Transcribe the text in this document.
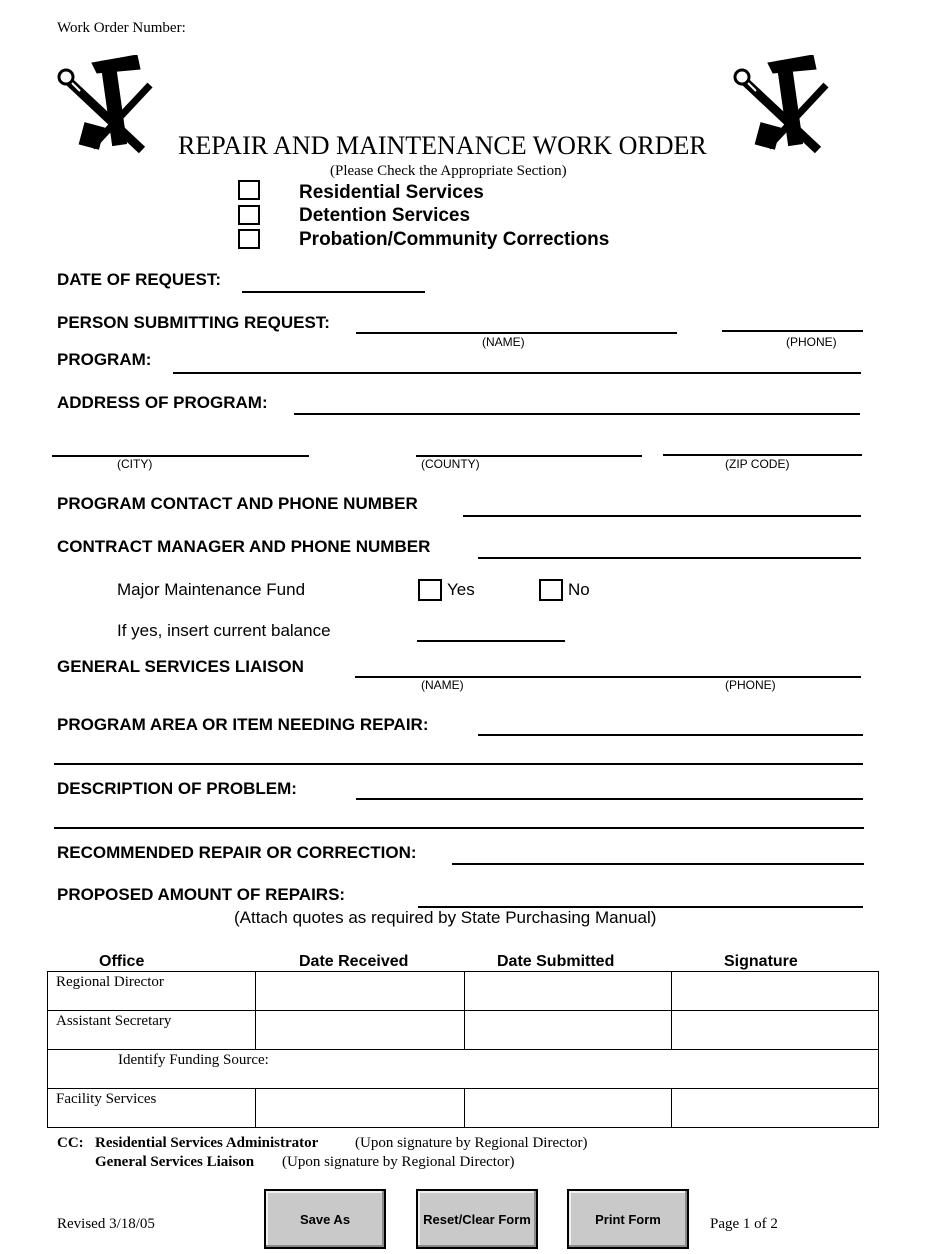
Work Order Number:
REPAIR AND MAINTENANCE WORK ORDER
(Please Check the Appropriate Section)
Residential Services
Detention Services
Probation/Community Corrections
DATE OF REQUEST:
PERSON SUBMITTING REQUEST:
(NAME)	(PHONE)
PROGRAM:
ADDRESS OF PROGRAM:
(CITY)	(COUNTY)	(ZIP CODE)
PROGRAM CONTACT AND PHONE NUMBER
CONTRACT MANAGER AND PHONE NUMBER
Major Maintenance Fund	Yes	No
If yes, insert current balance
GENERAL SERVICES LIAISON
(NAME)	(PHONE)
PROGRAM AREA OR ITEM NEEDING REPAIR:
DESCRIPTION OF PROBLEM:
RECOMMENDED REPAIR OR CORRECTION:
PROPOSED AMOUNT OF REPAIRS:
(Attach quotes as required by State Purchasing Manual)
Office	Date Received	Date Submitted	Signature
Regional Director			
Assistant Secretary			
Identify Funding Source:			
Facility Services			
CC: Residential Services Administrator (Upon signature by Regional Director)
General Services Liaison (Upon signature by Regional Director)
Revised 3/18/05	Save As	Reset/Clear Form	Print Form	Page 1 of 2
